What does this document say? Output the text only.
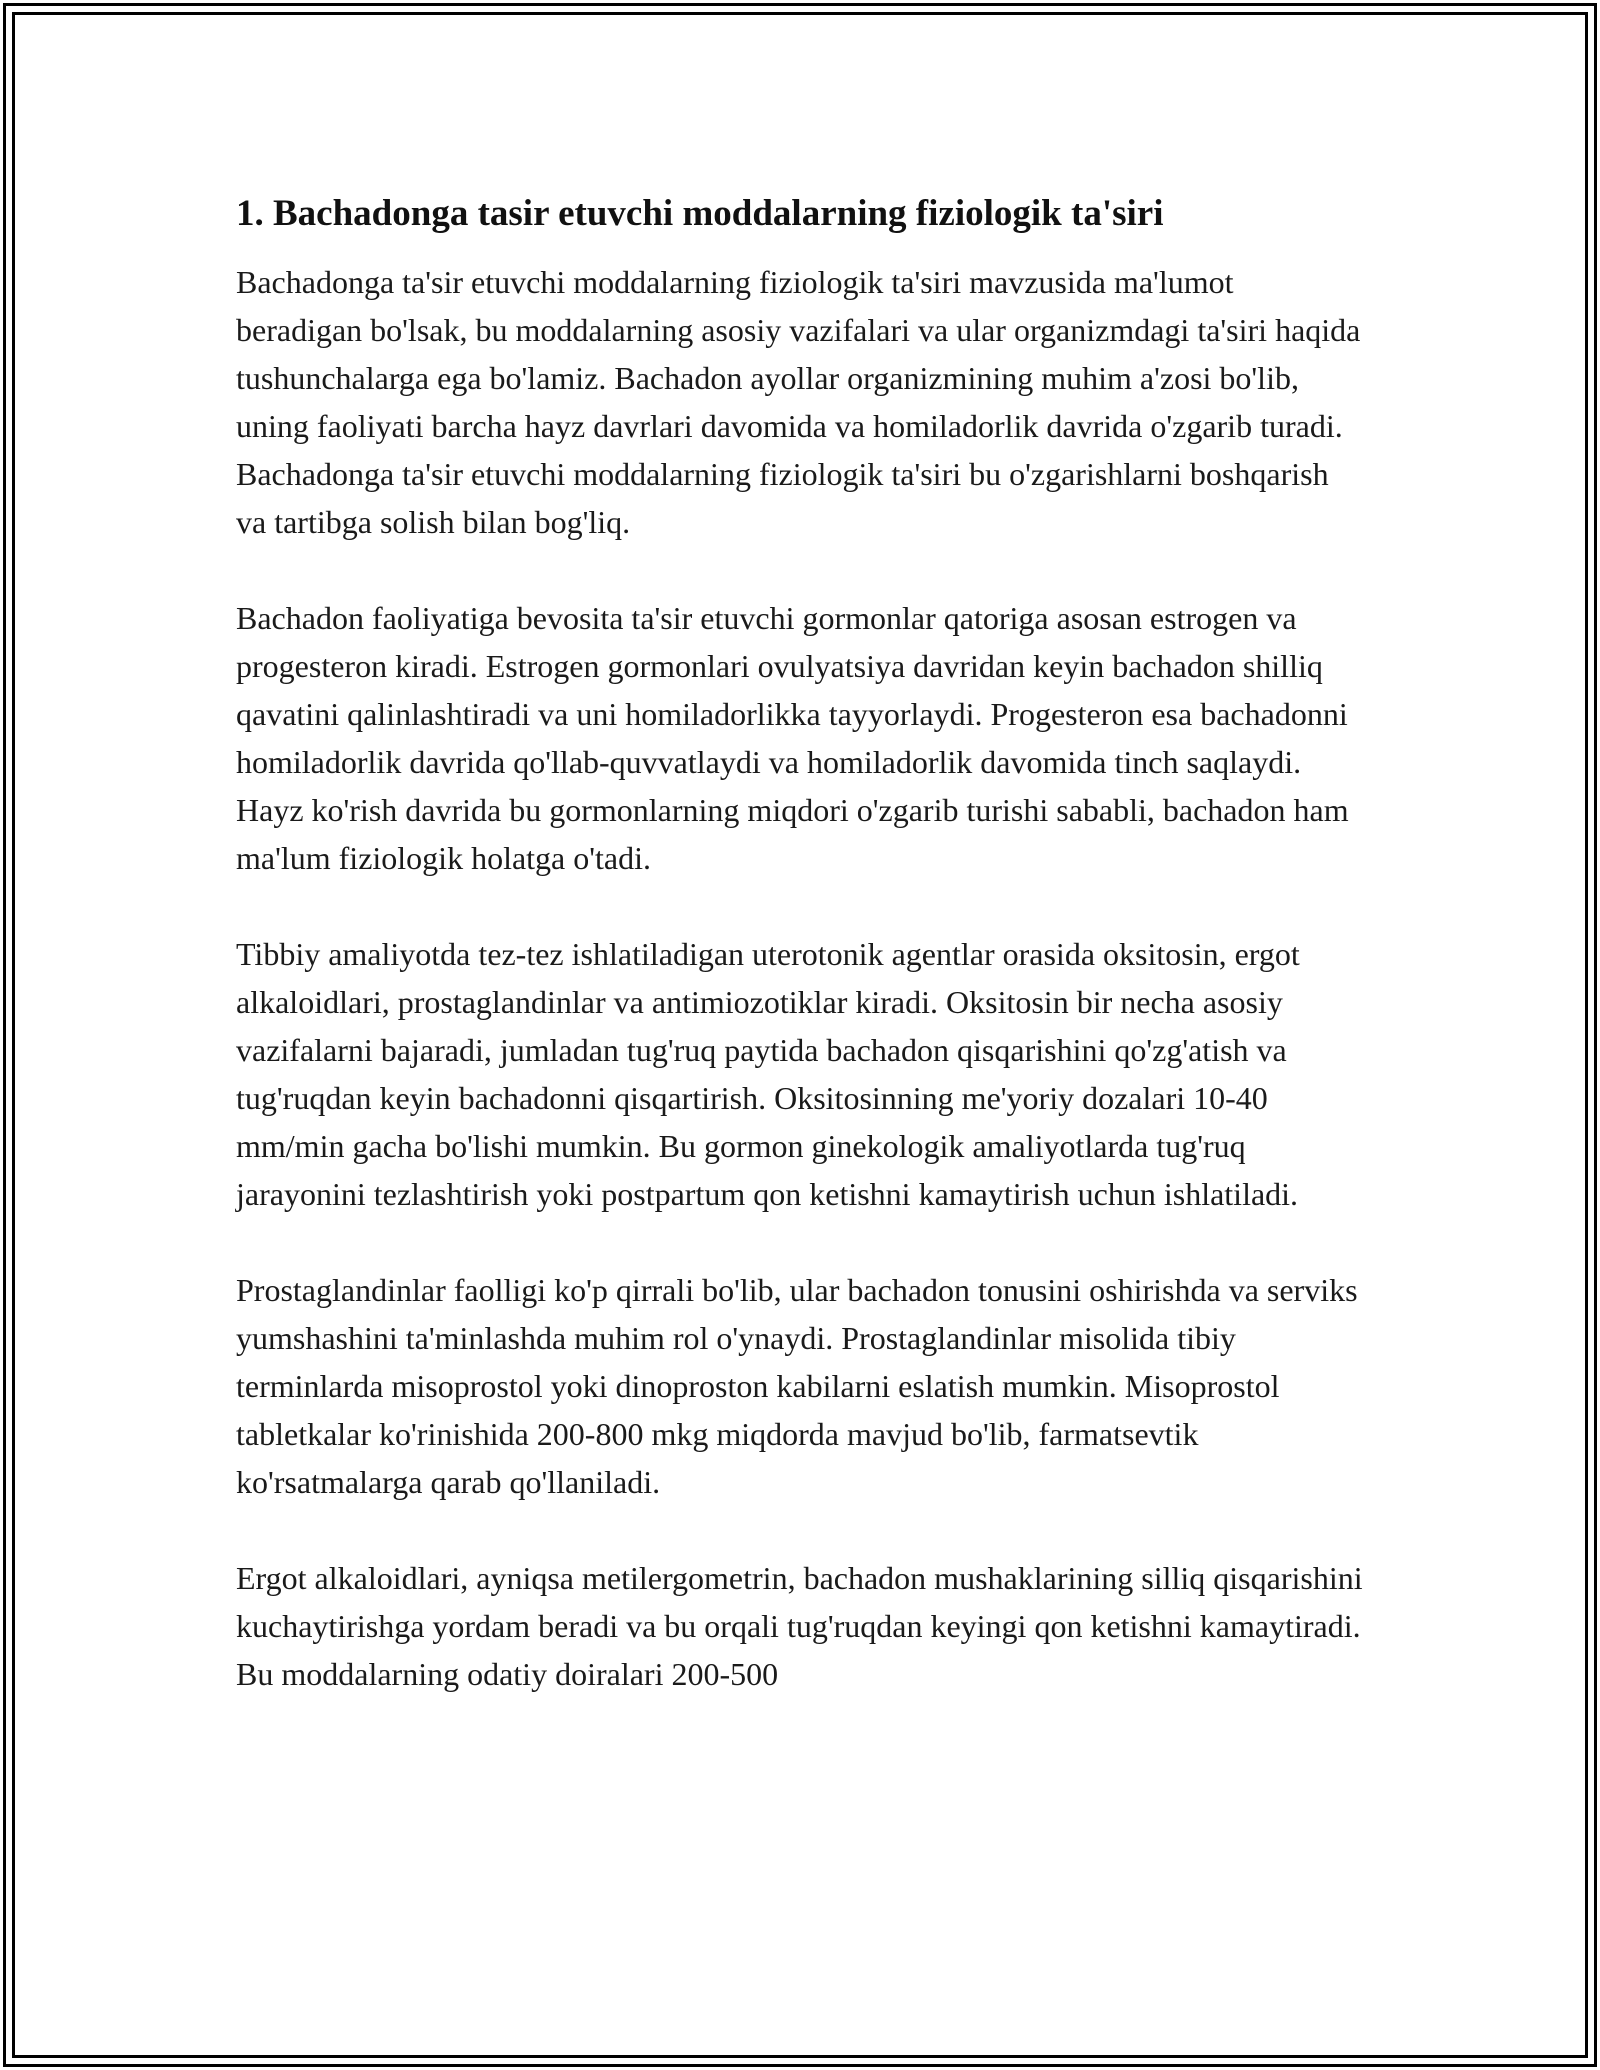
1. Bachadonga tasir etuvchi moddalarning fiziologik ta'siri

Bachadonga ta'sir etuvchi moddalarning fiziologik ta'siri mavzusida ma'lumot beradigan bo'lsak, bu moddalarning asosiy vazifalari va ular organizmdagi ta'siri haqida tushunchalarga ega bo'lamiz. Bachadon ayollar organizmining muhim a'zosi bo'lib, uning faoliyati barcha hayz davrlari davomida va homiladorlik davrida o'zgarib turadi. Bachadonga ta'sir etuvchi moddalarning fiziologik ta'siri bu o'zgarishlarni boshqarish va tartibga solish bilan bog'liq.

Bachadon faoliyatiga bevosita ta'sir etuvchi gormonlar qatoriga asosan estrogen va progesteron kiradi. Estrogen gormonlari ovulyatsiya davridan keyin bachadon shilliq qavatini qalinlashtiradi va uni homiladorlikka tayyorlaydi. Progesteron esa bachadonni homiladorlik davrida qo'llab-quvvatlaydi va homiladorlik davomida tinch saqlaydi. Hayz ko'rish davrida bu gormonlarning miqdori o'zgarib turishi sababli, bachadon ham ma'lum fiziologik holatga o'tadi.

Tibbiy amaliyotda tez-tez ishlatiladigan uterotonik agentlar orasida oksitosin, ergot alkaloidlari, prostaglandinlar va antimiozotiklar kiradi. Oksitosin bir necha asosiy vazifalarni bajaradi, jumladan tug'ruq paytida bachadon qisqarishini qo'zg'atish va tug'ruqdan keyin bachadonni qisqartirish. Oksitosinning me'yoriy dozalari 10-40 mm/min gacha bo'lishi mumkin. Bu gormon ginekologik amaliyotlarda tug'ruq jarayonini tezlashtirish yoki postpartum qon ketishni kamaytirish uchun ishlatiladi.

Prostaglandinlar faolligi ko'p qirrali bo'lib, ular bachadon tonusini oshirishda va serviks yumshashini ta'minlashda muhim rol o'ynaydi. Prostaglandinlar misolida tibiy terminlarda misoprostol yoki dinoproston kabilarni eslatish mumkin. Misoprostol tabletkalar ko'rinishida 200-800 mkg miqdorda mavjud bo'lib, farmatsevtik ko'rsatmalarga qarab qo'llaniladi.

Ergot alkaloidlari, ayniqsa metilergometrin, bachadon mushaklarining silliq qisqarishini kuchaytirishga yordam beradi va bu orqali tug'ruqdan keyingi qon ketishni kamaytiradi. Bu moddalarning odatiy doiralari 200-500
